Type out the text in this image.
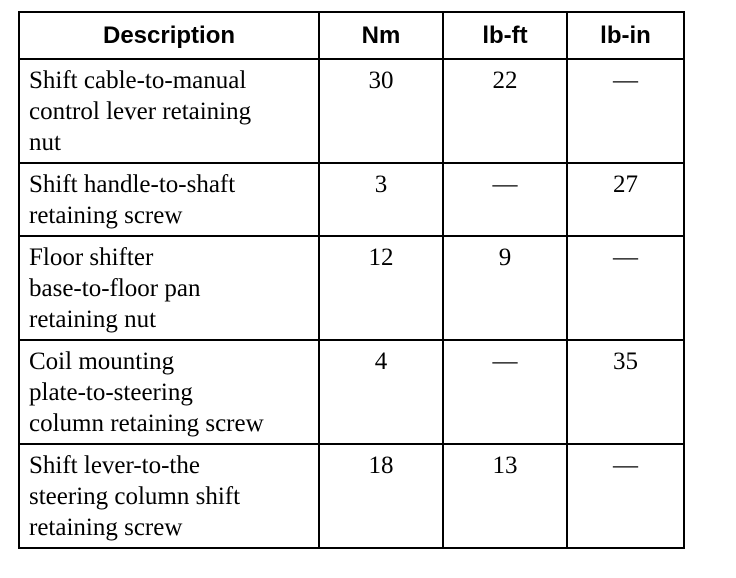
Description	Nm	lb-ft	lb-in

Shift cable-to-manual
control lever retaining
nut	30	22	—

Shift handle-to-shaft
retaining screw	3	—	27

Floor shifter
base-to-floor pan
retaining nut	12	9	—

Coil mounting
plate-to-steering
column retaining screw	4	—	35

Shift lever-to-the
steering column shift
retaining screw	18	13	—
